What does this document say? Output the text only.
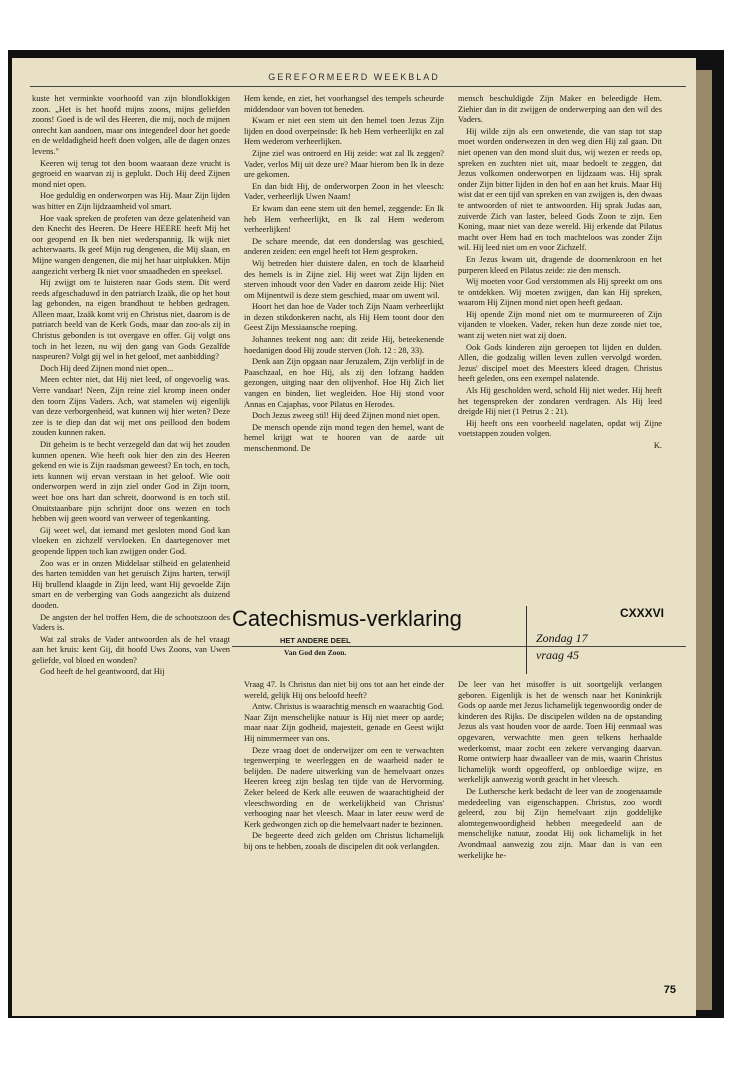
GEREFORMEERD WEEKBLAD

kuste het verminkte voorhoofd van zijn blondlokkigen zoon. „Het is het hoofd mijns zoons, mijns geliefden zoons! Goed is de wil des Heeren, die mij, noch de mijnen onrecht kan aandoen, maar ons integendeel door het goede en de weldadigheid heeft doen volgen, alle de dagen onzes levens."

Keeren wij terug tot den boom waaraan deze vrucht is gegroeid en waarvan zij is geplukt. Doch Hij deed Zijnen mond niet open.

Hoe geduldig en onderworpen was Hij. Maar Zijn lijden was bitter en Zijn lijdzaamheid vol smart.

Hoe vaak spreken de profeten van deze gelatenheid van den Knecht des Heeren. De Heere HEERE heeft Mij het oor geopend en Ik ben niet wederspannig. Ik wijk niet achterwaarts. Ik geef Mijn rug dengenen, die Mij slaan, en Mijne wangen dengenen, die mij het haar uitplukken. Mijn aangezicht verberg Ik niet voor smaadheden en speeksel.

Hij zwijgt om te luisteren naar Gods stem. Dit werd reeds afgeschaduwd in den patriarch Izaäk, die op het hout lag gebonden, na eigen brandhout te hebben gedragen. Alleen maar, Izaäk komt vrij en Christus niet, daarom is de patriarch beeld van de Kerk Gods, maar dan zoo-als zij in Christus gebonden is tot overgave en offer. Gij volgt ons toch in het lezen, nu wij den gang van Gods Gezalfde naspeuren? Volgt gij wel in het geloof, met aanbidding?

Doch Hij deed Zijnen mond niet open...

Meen echter niet, dat Hij niet leed, of ongevoelig was. Verre vandaar! Neen, Zijn reine ziel kromp ineen onder den toorn Zijns Vaders. Ach, wat stamelen wij eigenlijk van deze verborgenheid, wat kunnen wij hier weten? Deze zee is te diep dan dat wij met ons peillood den bodem zouden kunnen raken.

Dit geheim is te hecht verzegeld dan dat wij het zouden kunnen openen. Wie heeft ook hier den zin des Heeren gekend en wie is Zijn raadsman geweest? En toch, en toch, iets kunnen wij ervan verstaan in het geloof. Wie ooit onderworpen werd in zijn ziel onder God in Zijn toorn, weet hoe ons hart dan schreit, doorwond is en toch stil. Onuitstaanbare pijn schrijnt door ons wezen en toch hebben wij geen woord van verweer of tegenkanting.

Gij weet wel, dat iemand met gesloten mond God kan vloeken en zichzelf vervloeken. En daartegenover met geopende lippen toch kan zwijgen onder God.

Zoo was er in onzen Middelaar stilheid en gelatenheid des harten temidden van het geruisch Zijns harten, terwijl Hij brullend klaagde in Zijn leed, want Hij gevoelde Zijn smart en de verberging van Gods aangezicht als duizend dooden.

De angsten der hel troffen Hem, die de schootszoon des Vaders is.

Wat zal straks de Vader antwoorden als de hel vraagt aan het kruis: kent Gij, dit hoofd Uws Zoons, van Uwen geliefde, vol bloed en wonden?

God heeft de hel geantwoord, dat Hij

Hem kende, en ziet, het voorhangsel des tempels scheurde middendoor van boven tot beneden.

Kwam er niet een stem uit den hemel toen Jezus Zijn lijden en dood overpeinsde: Ik heb Hem verheerlijkt en zal Hem wederom verheerlijken.

Zijne ziel was ontroerd en Hij zeide: wat zal Ik zeggen? Vader, verlos Mij uit deze ure? Maar hierom ben Ik in deze ure gekomen.

En dan bidt Hij, de onderworpen Zoon in het vleesch: Vader, verheerlijk Uwen Naam!

Er kwam dan eene stem uit den hemel, zeggende: En Ik heb Hem verheerlijkt, en Ik zal Hem wederom verheerlijken!

De schare meende, dat een donderslag was geschied, anderen zeiden: een engel heeft tot Hem gesproken.

Wij betreden hier duistere dalen, en toch de klaarheid des hemels is in Zijne ziel. Hij weet wat Zijn lijden en sterven inhoudt voor den Vader en daarom zeide Hij: Niet om Mijnentwil is deze stem geschied, maar om uwent wil.

Hoort het dan hoe de Vader toch Zijn Naam verheerlijkt in dezen stikdonkeren nacht, als Hij Hem toont door den Geest Zijn Messiaansche roeping.

Johannes teekent nog aan: dit zeide Hij, beteekenende hoedanigen dood Hij zoude sterven (Joh. 12 : 28, 33).

Denk aan Zijn opgaan naar Jeruzalem, Zijn verblijf in de Paaschzaal, en hoe Hij, als zij den lofzang hadden gezongen, uitging naar den olijvenhof. Hoe Hij Zich liet vangen en binden, liet wegleiden. Hoe Hij stond voor Annas en Cajaphas, voor Pilatus en Herodes.

Doch Jezus zweeg stil! Hij deed Zijnen mond niet open.

De mensch opende zijn mond tegen den hemel, want de hemel krijgt wat te hooren van de aarde uit menschenmond. De

mensch beschuldigde Zijn Maker en beleedigde Hem. Ziehier dan in dit zwijgen de onderwerping aan den wil des Vaders.

Hij wilde zijn als een onwetende, die van stap tot stap moet worden onderwezen in den weg dien Hij zal gaan. Dit niet openen van den mond sluit dus, wij wezen er reeds op, spreken en zuchten niet uit, maar bedoelt te zeggen, dat Jezus volkomen onderworpen en lijdzaam was. Hij sprak onder Zijn bitter lijden in den hof en aan het kruis. Maar Hij wist dat er een tijd van spreken en van zwijgen is, den dwaas te antwoorden of niet te antwoorden. Hij sprak Judas aan, zuiverde Zich van laster, beleed Gods Zoon te zijn. Een Koning, maar niet van deze wereld. Hij erkende dat Pilatus macht over Hem had en toch machteloos was zonder Zijn wil. Hij leed niet om en voor Zichzelf.

En Jezus kwam uit, dragende de doornenkroon en het purperen kleed en Pilatus zeide: zie den mensch.

Wij moeten voor God verstommen als Hij spreekt om ons te ontdekken. Wij moeten zwijgen, dan kan Hij spreken, waarom Hij Zijnen mond niet open heeft gedaan.

Hij opende Zijn mond niet om te murmureeren of Zijn vijanden te vloeken. Vader, reken hun deze zonde niet toe, want zij weten niet wat zij doen.

Ook Gods kinderen zijn geroepen tot lijden en dulden. Allen, die godzalig willen leven zullen vervolgd worden. Jezus' discipel moet des Meesters kleed dragen. Christus heeft geleden, ons een exempel nalatende.

Als Hij gescholden werd, schold Hij niet weder. Hij heeft het tegenspreken der zondaren verdragen. Als Hij leed dreigde Hij niet (1 Petrus 2 : 21).

Hij heeft ons een voorbeeld nagelaten, opdat wij Zijne voetstappen zouden volgen.

K.

Catechismus-verklaring
HET ANDERE DEEL
Van God den Zoon.
CXXXVI
Zondag 17
vraag 45

Vraag 47. Is Christus dan niet bij ons tot aan het einde der wereld, gelijk Hij ons beloofd heeft?

Antw. Christus is waarachtig mensch en waarachtig God. Naar Zijn menschelijke natuur is Hij niet meer op aarde; maar naar Zijn godheid, majesteit, genade en Geest wijkt Hij nimmermeer van ons.

Deze vraag doet de onderwijzer om een te verwachten tegenwerping te weerleggen en de waarheid nader te belijden. De nadere uitwerking van de hemelvaart onzes Heeren kreeg zijn beslag ten tijde van de Hervorming. Zeker beleed de Kerk alle eeuwen de waarachtigheid der vleeschwording en de werkelijkheid van Christus' verhooging naar het vleesch. Maar in later eeuw werd de Kerk gedwongen zich op die hemelvaart nader te bezinnen.

De begeerte deed zich gelden om Christus lichamelijk bij ons te hebben, zooals de discipelen dit ook verlangden.

De leer van het misoffer is uit soortgelijk verlangen geboren. Eigenlijk is het de wensch naar het Koninkrijk Gods op aarde met Jezus lichamelijk tegenwoordig onder de kinderen des Rijks. De discipelen wilden na de opstanding Jezus als vast houden voor de aarde. Toen Hij eenmaal was opgevaren, verwachtte men geen telkens herhaalde wederkomst, maar zocht een zekere vervanging daarvan. Rome ontwierp haar dwaalleer van de mis, waarin Christus lichamelijk wordt opgeofferd, op onbloedige wijze, en werkelijk aanwezig wordt geacht in het vleesch.

De Luthersche kerk bedacht de leer van de zoogenaamde mededeeling van eigenschappen. Christus, zoo wordt geleerd, zou bij Zijn hemelvaart zijn goddelijke alomtegenwoordigheid hebben meegedeeld aan de menschelijke natuur, zoodat Hij ook lichamelijk in het Avondmaal aanwezig zou zijn. Maar dan is van een werkelijke he-

75
